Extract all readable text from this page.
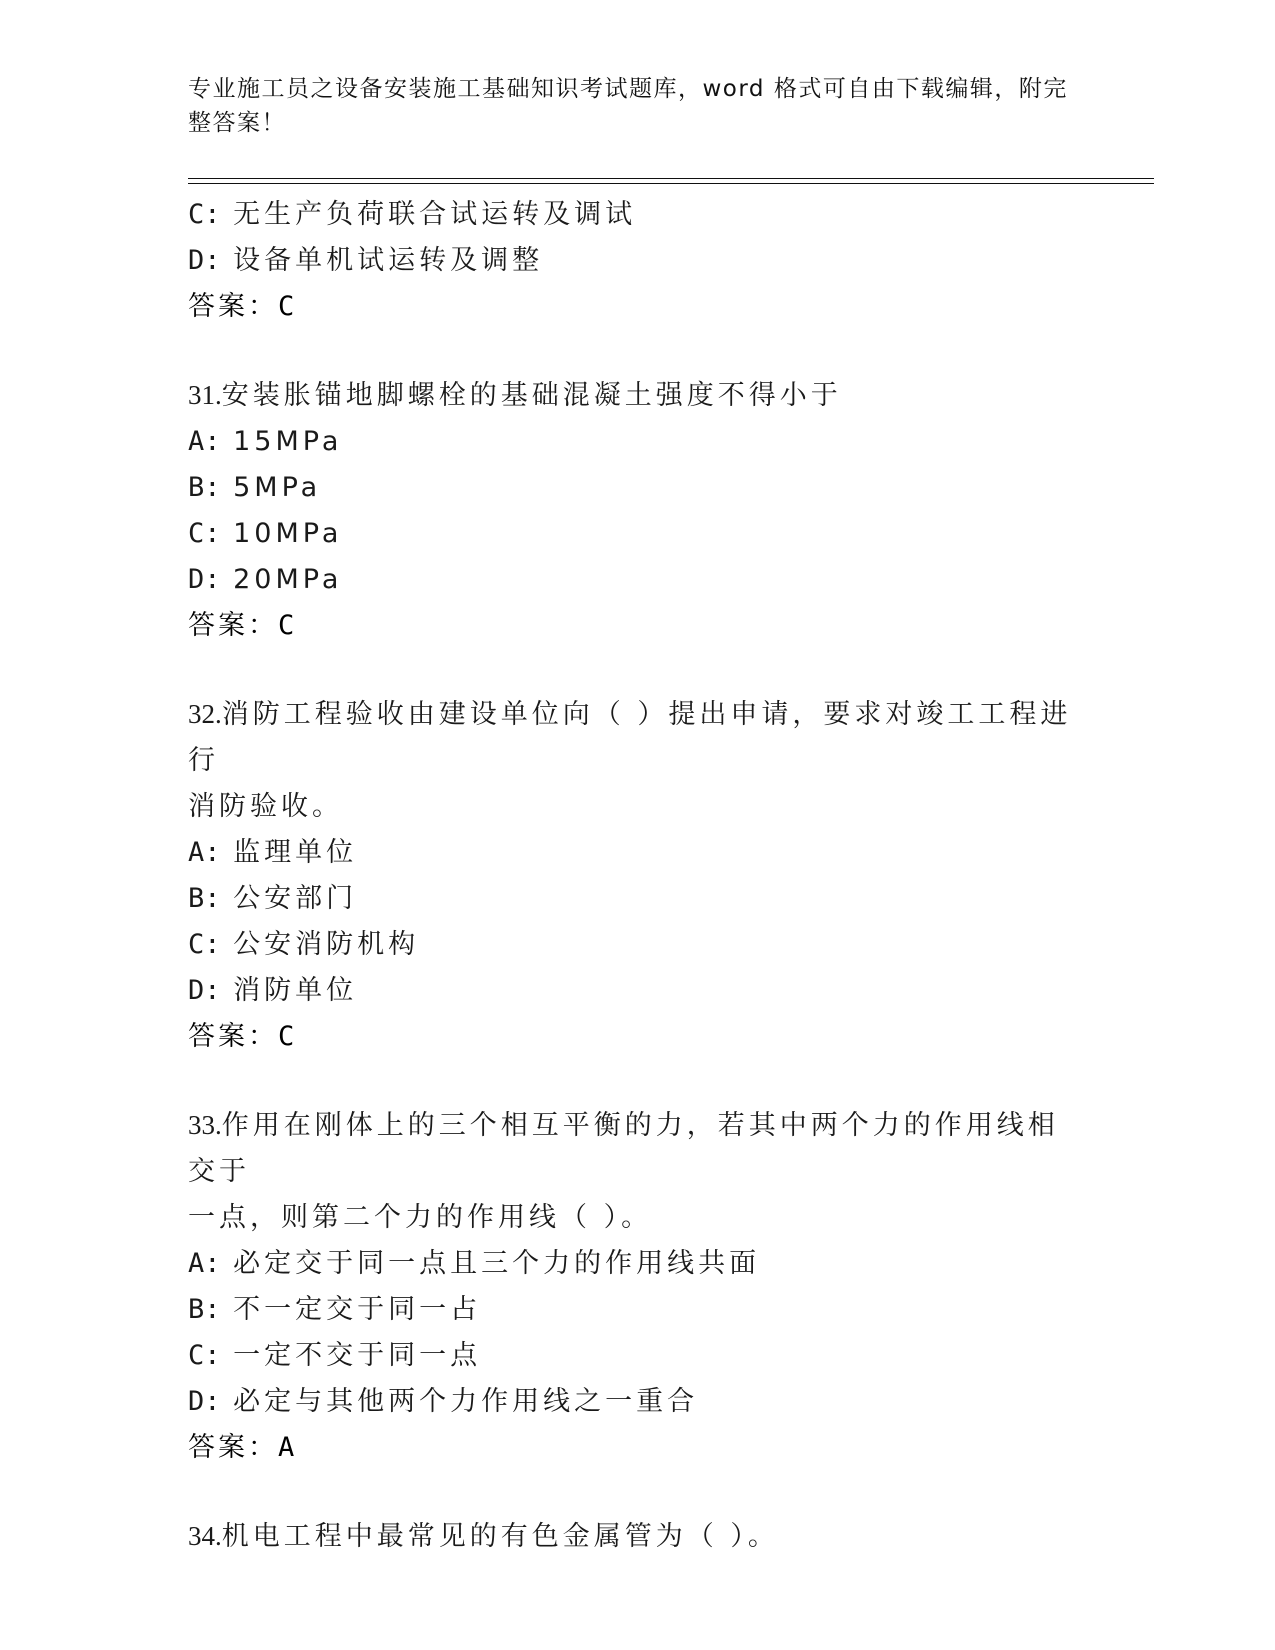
专业施工员之设备安装施工基础知识考试题库，word 格式可自由下载编辑，附完
整答案！
C: 无生产负荷联合试运转及调试
D: 设备单机试运转及调整
答案：C
31.安装胀锚地脚螺栓的基础混凝土强度不得小于
A: 15MPa
B: 5MPa
C: 10MPa
D: 20MPa
答案：C
32.消防工程验收由建设单位向（ ）提出申请，要求对竣工工程进行
消防验收。
A: 监理单位
B: 公安部门
C: 公安消防机构
D: 消防单位
答案：C
33.作用在刚体上的三个相互平衡的力，若其中两个力的作用线相交于
一点，则第二个力的作用线（ ）。
A: 必定交于同一点且三个力的作用线共面
B: 不一定交于同一占
C: 一定不交于同一点
D: 必定与其他两个力作用线之一重合
答案：A
34.机电工程中最常见的有色金属管为（ ）。
